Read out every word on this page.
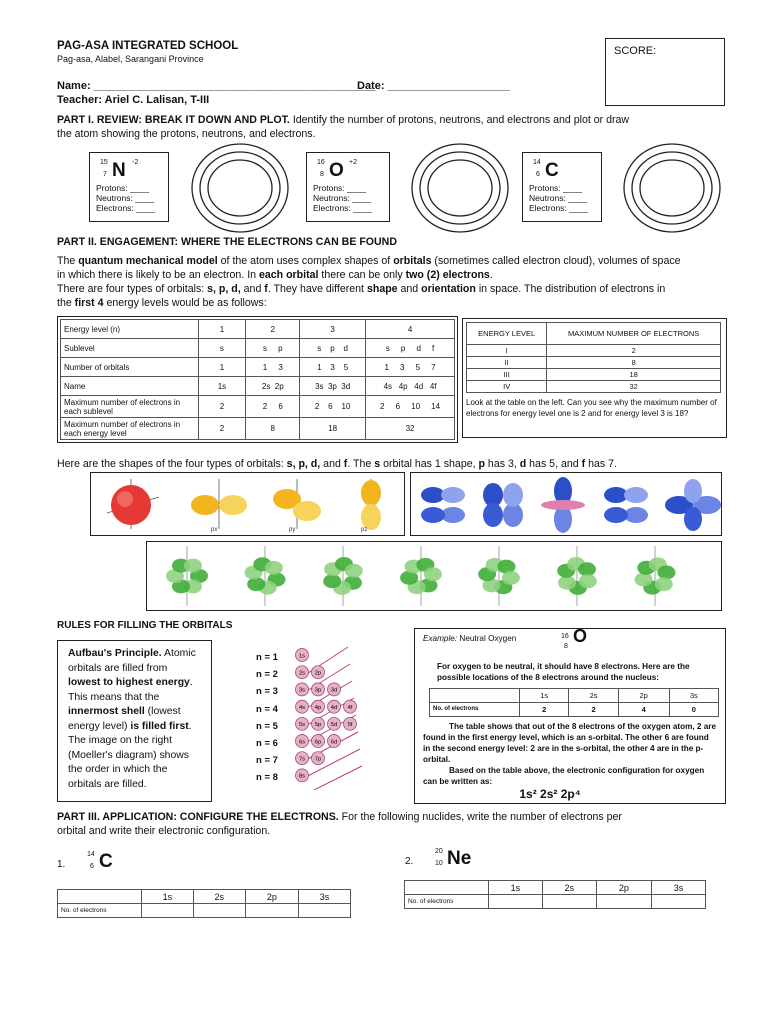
PAG-ASA INTEGRATED SCHOOL
Pag-asa, Alabel, Sarangani Province
SCORE:
Name: ______________________________________________
Date: ____________________
Teacher: Ariel C. Lalisan, T-III
PART I. REVIEW: BREAK IT DOWN AND PLOT. Identify the number of protons, neutrons, and electrons and plot or draw
the atom showing the protons, neutrons, and electrons.
15
7 N -2
Protons: ____
Neutrons: ____
Electrons: ____
16
8 O +2
Protons: ____
Neutrons: ____
Electrons: ____
14
6 C
Protons: ____
Neutrons: ____
Electrons: ____
PART II. ENGAGEMENT: WHERE THE ELECTRONS CAN BE FOUND
The quantum mechanical model of the atom uses complex shapes of orbitals (sometimes called electron cloud), volumes of space
in which there is likely to be an electron. In each orbital there can be only two (2) electrons.
There are four types of orbitals: s, p, d, and f. They have different shape and orientation in space. The distribution of electrons in
the first 4 energy levels would be as follows:
Energy level (n)	1	2	3	4
Sublevel	s	s     p	s    p    d	s     p     d     f
Number of orbitals	1	1     3	1    3    5	1     3     5     7
Name	1s	2s  2p	3s  3p  3d	4s   4p   4d   4f
Maximum number of electrons in each sublevel	2	2     6	2    6    10	2     6     10     14
Maximum number of electrons in each energy level	2	8	18	32
ENERGY LEVEL	MAXIMUM NUMBER OF ELECTRONS
I	2
II	8
III	18
IV	32
Look at the table on the left. Can you see why the maximum number of electrons for energy level one is 2 and for energy level 3 is 18?
Here are the shapes of the four types of orbitals: s, p, d, and f. The s orbital has 1 shape, p has 3, d has 5, and f has 7.
px	py	pz
RULES FOR FILLING THE ORBITALS
Aufbau's Principle. Atomic orbitals are filled from lowest to highest energy. This means that the innermost shell (lowest energy level) is filled first. The image on the right (Moeller's diagram) shows the order in which the orbitals are filled.
n = 1
n = 2
n = 3
n = 4
n = 5
n = 6
n = 7
n = 8
1s
2s 2p
3s 3p 3d
4s 4p 4d 4f
5s 5p 5d 5f
6s 6p 6d
7s 7p
8s
Example: Neutral Oxygen	16
8
O
For oxygen to be neutral, it should have 8 electrons. Here are the possible locations of the 8 electrons around the nucleus:
	1s	2s	2p	3s
No. of electrons	2	2	4	0
The table shows that out of the 8 electrons of the oxygen atom, 2 are found in the first energy level, which is an s-orbital. The other 6 are found in the second energy level: 2 are in the s-orbital, the other 4 are in the p-orbital.
Based on the table above, the electronic configuration for oxygen can be written as:
1s² 2s² 2p⁴
PART III. APPLICATION: CONFIGURE THE ELECTRONS. For the following nuclides, write the number of electrons per
orbital and write their electronic configuration.
1.
14
6 C	2.
20
10 Ne
	1s	2s	2p	3s
No. of electrons				
	1s	2s	2p	3s
No. of electrons				
